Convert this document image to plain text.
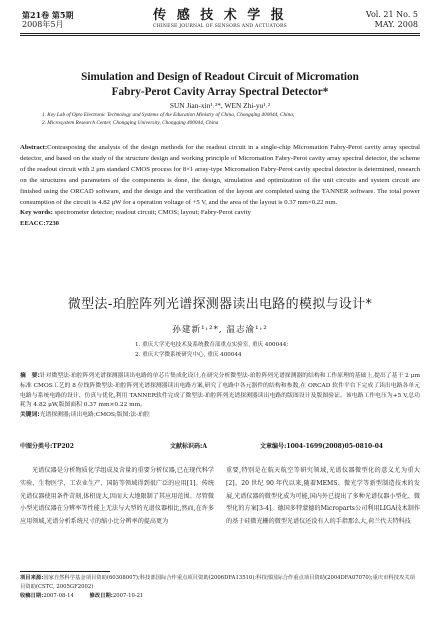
第21卷 第5期
2008年5月
传 感 技 术 学 报
CHINESE JOURNAL OF SENSORS AND ACTUATORS
Vol. 21 No. 5
MAY. 2008
Simulation and Design of Readout Circuit of Micromation
Fabry-Perot Cavity Array Spectral Detector*
SUN Jian-xin¹˒²*, WEN Zhi-yu¹˒²
1. Key Lab of Opto Electronic Technology and Systems of the Education Ministry of China, Chongqing 400044, China;
2. Microsystem Research Center, Chongqing University, Chongqing 400044, China
Abstract:Contrasposing the analysis of the design methods for the readout circuit in a single-chip Micromation Fabry-Perot cavity array spectral detector, and based on the study of the structure design and working principle of Micromation Fabry-Perot cavity array spectral detector, the scheme of the readout circuit with 2 μm standard CMOS process for 8×1 array-type Micromation Fabry-Perot cavity spectral detector is determined, research on the structures and parameters of the components is done, the design, simulation and optimization of the unit circuits and system circuit are finished using the ORCAD software, and the design and the verification of the layout are completed using the TANNER software. The total power consumption of the circuit is 4.82 μW for a operation voltage of +5 V, and the area of the layout is 0.37 mm×0.22 mm.
Key words: spectrometer detector; readout circuit; CMOS; layout; Fabry-Perot cavity
EEACC:7230
微型法-珀腔阵列光谱探测器读出电路的模拟与设计*
孙建新¹˒²*, 温志渝¹˒²
1. 重庆大学光电技术及系统教育部重点实验室, 重庆 400044;
2. 重庆大学微系统研究中心, 重庆 400044
摘　要:针对微型法-珀腔阵列光谱探测器读出电路的单芯片集成化设计,在研究分析微型法-珀腔阵列光谱探测器的结构和工作原理的基础上,提出了基于 2 μm标准 CMOS工艺的 8 位线阵微型法-珀腔阵列光谱探测器读出电路方案,研究了电路中各元器件的结构和参数,在 ORCAD 软件平台下完成了读出电路各单元电路与系统电路的设计、仿真与优化,利用 TANNER软件完成了微型法-珀腔阵列光谱探测器读出电路的版图设计及版图验证。该电路工作电压为+5 V,总功耗为 4.82 μW,版图面积 0.37 mm×0.22 mm。
关键词:光谱探测器;读出电路;CMOS;版图;法-珀腔
中图分类号:TP202	文献标识码:A	文章编号:1004-1699(2008)05-0810-04
光谱仪器是分析物质化学组成及含量的重要分析仪器,已在现代科学实验、生物医学、工农业生产、国防等领域得到很广泛的应用[1]。传统光谱仪器使用条件苛刻,体积庞大,因而大大地限制了其应用范围。尽管微小型光谱仪器在分辨率等性能上无法与大型的光谱仪器相比,然而,在许多应用领域,光谱分析系统尺寸的缩小比分辨率的提高更为
重要,特别是在航天航空等研究领域,光谱仪器微型化的意义尤为重大[2]。20 世纪 90 年代以来,随着MEMS、微光学等新型制造技术的发展,光谱仪器的微型化成为可能,国内外已提出了多种光谱仪器小型化、微型化的方案[3-4]。德国多特蒙德的Microparts公司利用LIGA技术制作的基于硅微光栅的微型光谱仪还没有人的手指那么大,荷兰代夫特科技
项目来源:国家自然科学基金项目资助(60308007);科技部国际合作重点项目资助(2006DFA13510);科技部国际合作重点项目资助(2004DFA07070);重庆市科技攻关项目资助(CSTC, 2005GF2002)
收稿日期:2007-08-14	修改日期:2007-10-21
